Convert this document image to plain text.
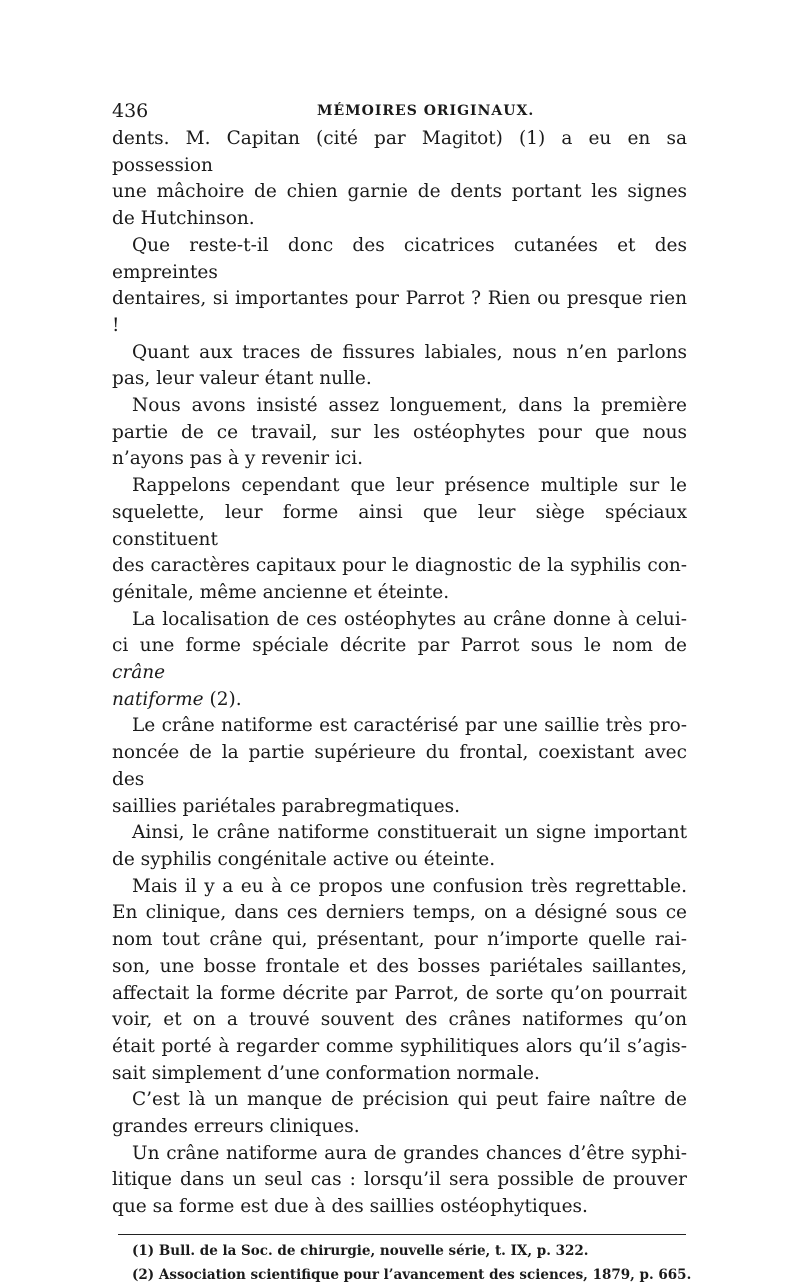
436	MÉMOIRES ORIGINAUX.

dents. M. Capitan (cité par Magitot) (1) a eu en sa possession

une mâchoire de chien garnie de dents portant les signes

de Hutchinson.

Que reste-t-il donc des cicatrices cutanées et des empreintes

dentaires, si importantes pour Parrot ? Rien ou presque rien !

Quant aux traces de fissures labiales, nous n’en parlons

pas, leur valeur étant nulle.

Nous avons insisté assez longuement, dans la première

partie de ce travail, sur les ostéophytes pour que nous

n’ayons pas à y revenir ici.

Rappelons cependant que leur présence multiple sur le

squelette, leur forme ainsi que leur siège spéciaux constituent

des caractères capitaux pour le diagnostic de la syphilis con-

génitale, même ancienne et éteinte.

La localisation de ces ostéophytes au crâne donne à celui-

ci une forme spéciale décrite par Parrot sous le nom de crâne

natiforme (2).

Le crâne natiforme est caractérisé par une saillie très pro-

noncée de la partie supérieure du frontal, coexistant avec des

saillies pariétales parabregmatiques.

Ainsi, le crâne natiforme constituerait un signe important

de syphilis congénitale active ou éteinte.

Mais il y a eu à ce propos une confusion très regrettable.

En clinique, dans ces derniers temps, on a désigné sous ce

nom tout crâne qui, présentant, pour n’importe quelle rai-

son, une bosse frontale et des bosses pariétales saillantes,

affectait la forme décrite par Parrot, de sorte qu’on pourrait

voir, et on a trouvé souvent des crânes natiformes qu’on

était porté à regarder comme syphilitiques alors qu’il s’agis-

sait simplement d’une conformation normale.

C’est là un manque de précision qui peut faire naître de

grandes erreurs cliniques.

Un crâne natiforme aura de grandes chances d’être syphi-

litique dans un seul cas : lorsqu’il sera possible de prouver

que sa forme est due à des saillies ostéophytiques.

(1) Bull. de la Soc. de chirurgie, nouvelle série, t. IX, p. 322.
(2) Association scientifique pour l’avancement des sciences, 1879, p. 665.
